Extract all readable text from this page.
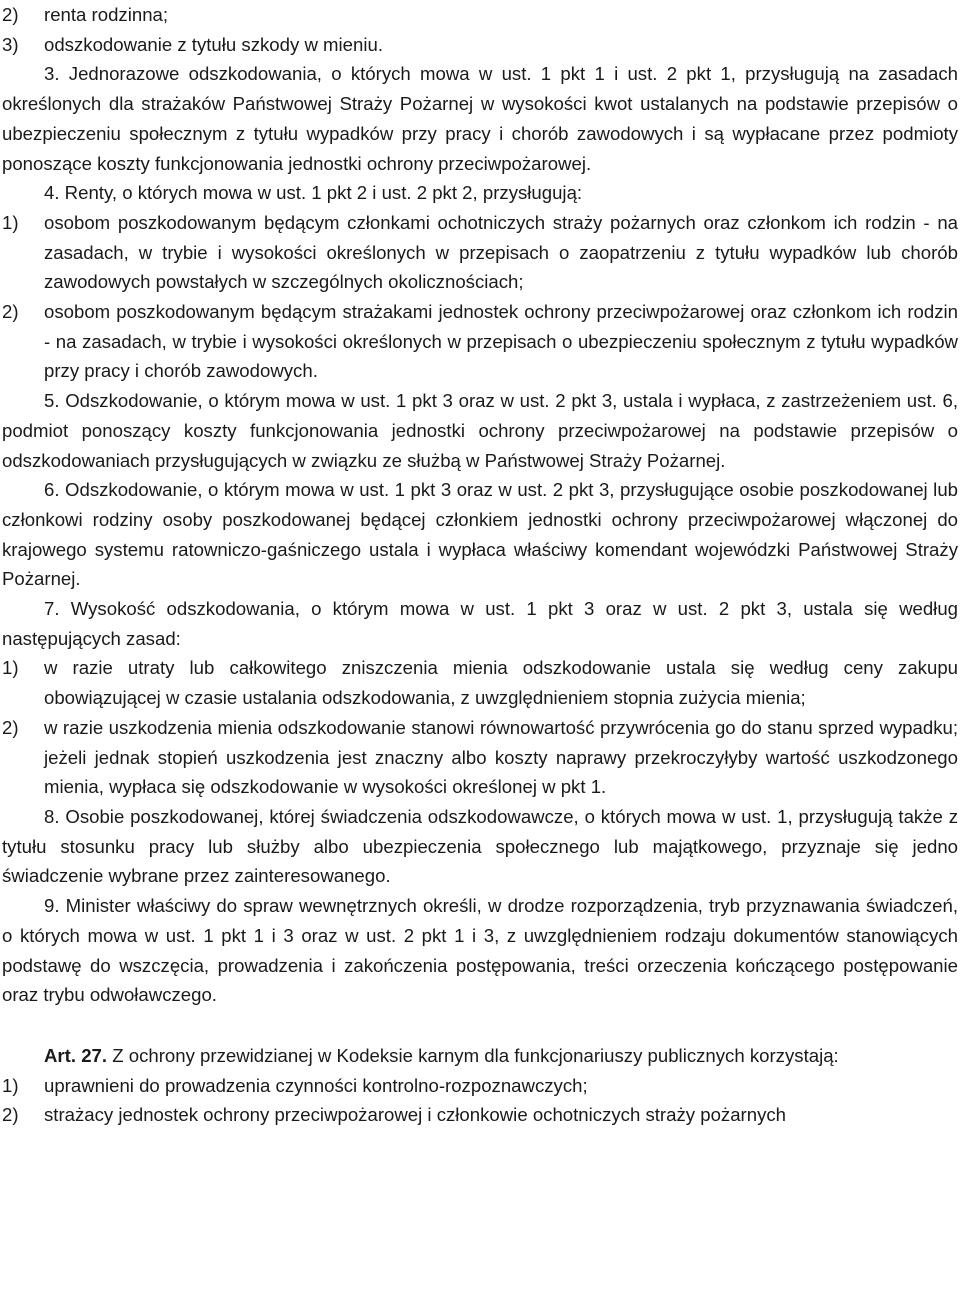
2) renta rodzinna;
3) odszkodowanie z tytułu szkody w mieniu.

3. Jednorazowe odszkodowania, o których mowa w ust. 1 pkt 1 i ust. 2 pkt 1, przysługują na zasadach określonych dla strażaków Państwowej Straży Pożarnej w wysokości kwot ustalanych na podstawie przepisów o ubezpieczeniu społecznym z tytułu wypadków przy pracy i chorób zawodowych i są wypłacane przez podmioty ponoszące koszty funkcjonowania jednostki ochrony przeciwpożarowej.

4. Renty, o których mowa w ust. 1 pkt 2 i ust. 2 pkt 2, przysługują:

1) osobom poszkodowanym będącym członkami ochotniczych straży pożarnych oraz członkom ich rodzin - na zasadach, w trybie i wysokości określonych w przepisach o zaopatrzeniu z tytułu wypadków lub chorób zawodowych powstałych w szczególnych okolicznościach;
2) osobom poszkodowanym będącym strażakami jednostek ochrony przeciwpożarowej oraz członkom ich rodzin - na zasadach, w trybie i wysokości określonych w przepisach o ubezpieczeniu społecznym z tytułu wypadków przy pracy i chorób zawodowych.

5. Odszkodowanie, o którym mowa w ust. 1 pkt 3 oraz w ust. 2 pkt 3, ustala i wypłaca, z zastrzeżeniem ust. 6, podmiot ponoszący koszty funkcjonowania jednostki ochrony przeciwpożarowej na podstawie przepisów o odszkodowaniach przysługujących w związku ze służbą w Państwowej Straży Pożarnej.

6. Odszkodowanie, o którym mowa w ust. 1 pkt 3 oraz w ust. 2 pkt 3, przysługujące osobie poszkodowanej lub członkowi rodziny osoby poszkodowanej będącej członkiem jednostki ochrony przeciwpożarowej włączonej do krajowego systemu ratowniczo-gaśniczego ustala i wypłaca właściwy komendant wojewódzki Państwowej Straży Pożarnej.

7. Wysokość odszkodowania, o którym mowa w ust. 1 pkt 3 oraz w ust. 2 pkt 3, ustala się według następujących zasad:

1) w razie utraty lub całkowitego zniszczenia mienia odszkodowanie ustala się według ceny zakupu obowiązującej w czasie ustalania odszkodowania, z uwzględnieniem stopnia zużycia mienia;
2) w razie uszkodzenia mienia odszkodowanie stanowi równowartość przywrócenia go do stanu sprzed wypadku; jeżeli jednak stopień uszkodzenia jest znaczny albo koszty naprawy przekroczyłyby wartość uszkodzonego mienia, wypłaca się odszkodowanie w wysokości określonej w pkt 1.

8. Osobie poszkodowanej, której świadczenia odszkodowawcze, o których mowa w ust. 1, przysługują także z tytułu stosunku pracy lub służby albo ubezpieczenia społecznego lub majątkowego, przyznaje się jedno świadczenie wybrane przez zainteresowanego.

9. Minister właściwy do spraw wewnętrznych określi, w drodze rozporządzenia, tryb przyznawania świadczeń, o których mowa w ust. 1 pkt 1 i 3 oraz w ust. 2 pkt 1 i 3, z uwzględnieniem rodzaju dokumentów stanowiących podstawę do wszczęcia, prowadzenia i zakończenia postępowania, treści orzeczenia kończącego postępowanie oraz trybu odwoławczego.

Art. 27. Z ochrony przewidzianej w Kodeksie karnym dla funkcjonariuszy publicznych korzystają:

1) uprawnieni do prowadzenia czynności kontrolno-rozpoznawczych;
2) strażacy jednostek ochrony przeciwpożarowej i członkowie ochotniczych straży pożarnych
